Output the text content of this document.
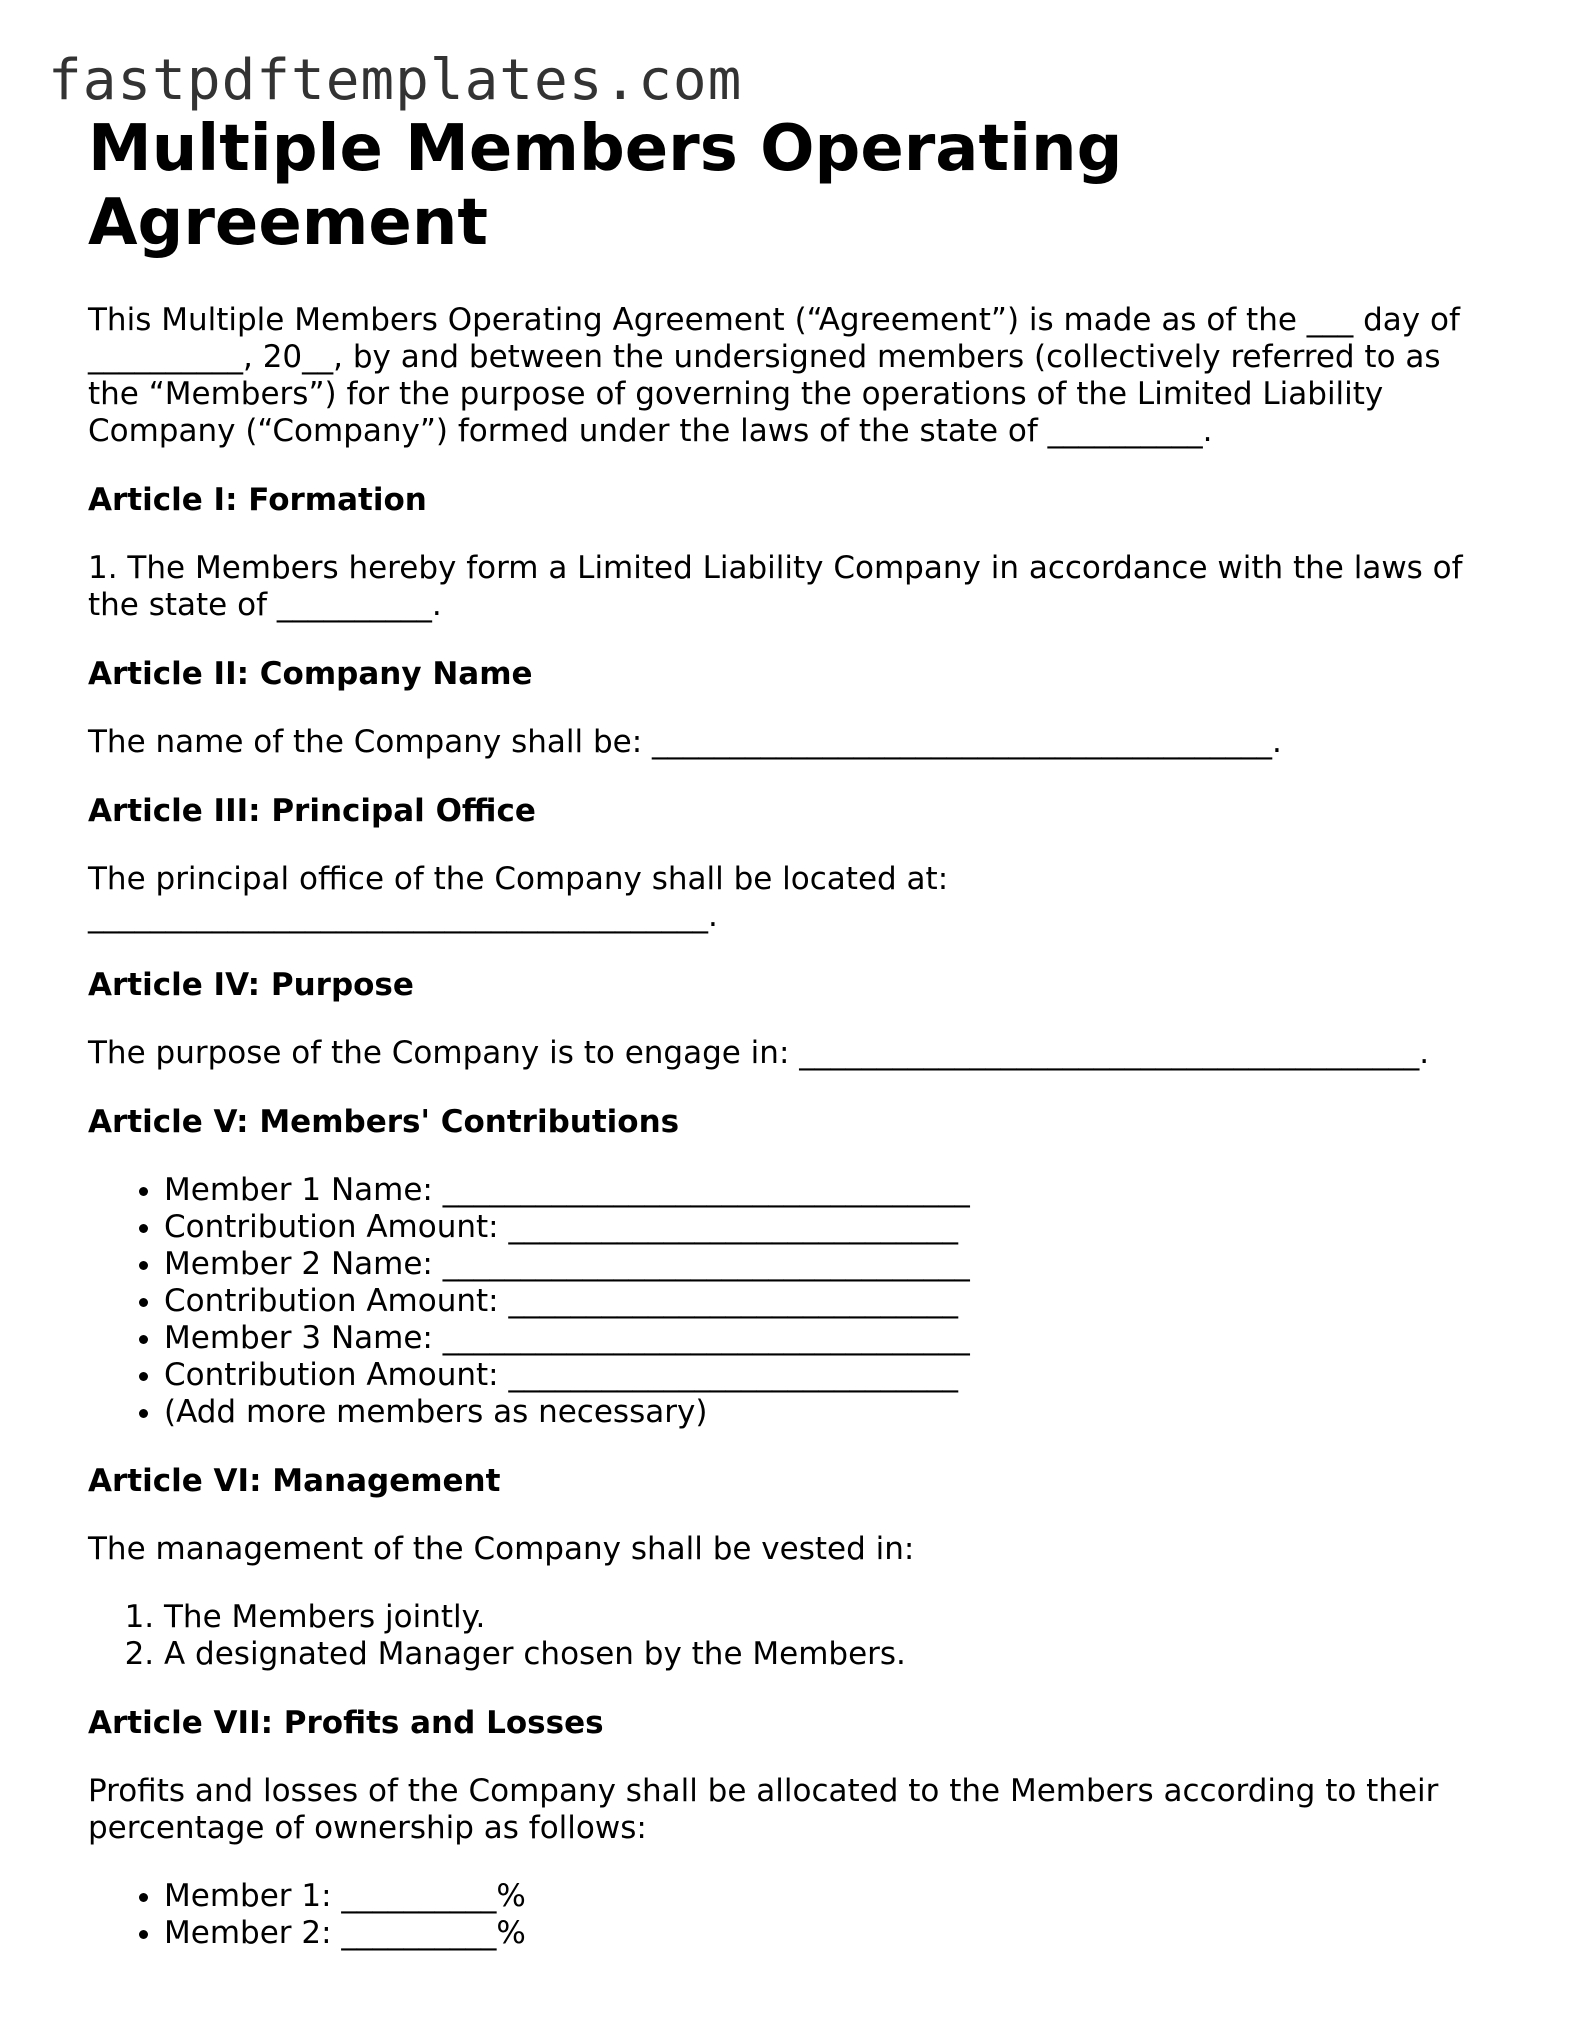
fastpdftemplates.com
Multiple Members Operating Agreement

This Multiple Members Operating Agreement (“Agreement”) is made as of the ___ day of __________, 20__, by and between the undersigned members (collectively referred to as the “Members”) for the purpose of governing the operations of the Limited Liability Company (“Company”) formed under the laws of the state of __________.

Article I: Formation

1. The Members hereby form a Limited Liability Company in accordance with the laws of the state of __________.

Article II: Company Name

The name of the Company shall be: ________________________________________.

Article III: Principal Office

The principal office of the Company shall be located at: ________________________________________.

Article IV: Purpose

The purpose of the Company is to engage in: ________________________________________.

Article V: Members' Contributions
• Member 1 Name: __________________________________
• Contribution Amount: _____________________________
• Member 2 Name: __________________________________
• Contribution Amount: _____________________________
• Member 3 Name: __________________________________
• Contribution Amount: _____________________________
• (Add more members as necessary)
Article VI: Management

The management of the Company shall be vested in:

1. The Members jointly.
2. A designated Manager chosen by the Members.
Article VII: Profits and Losses

Profits and losses of the Company shall be allocated to the Members according to their percentage of ownership as follows:

• Member 1: __________%
• Member 2: __________%
